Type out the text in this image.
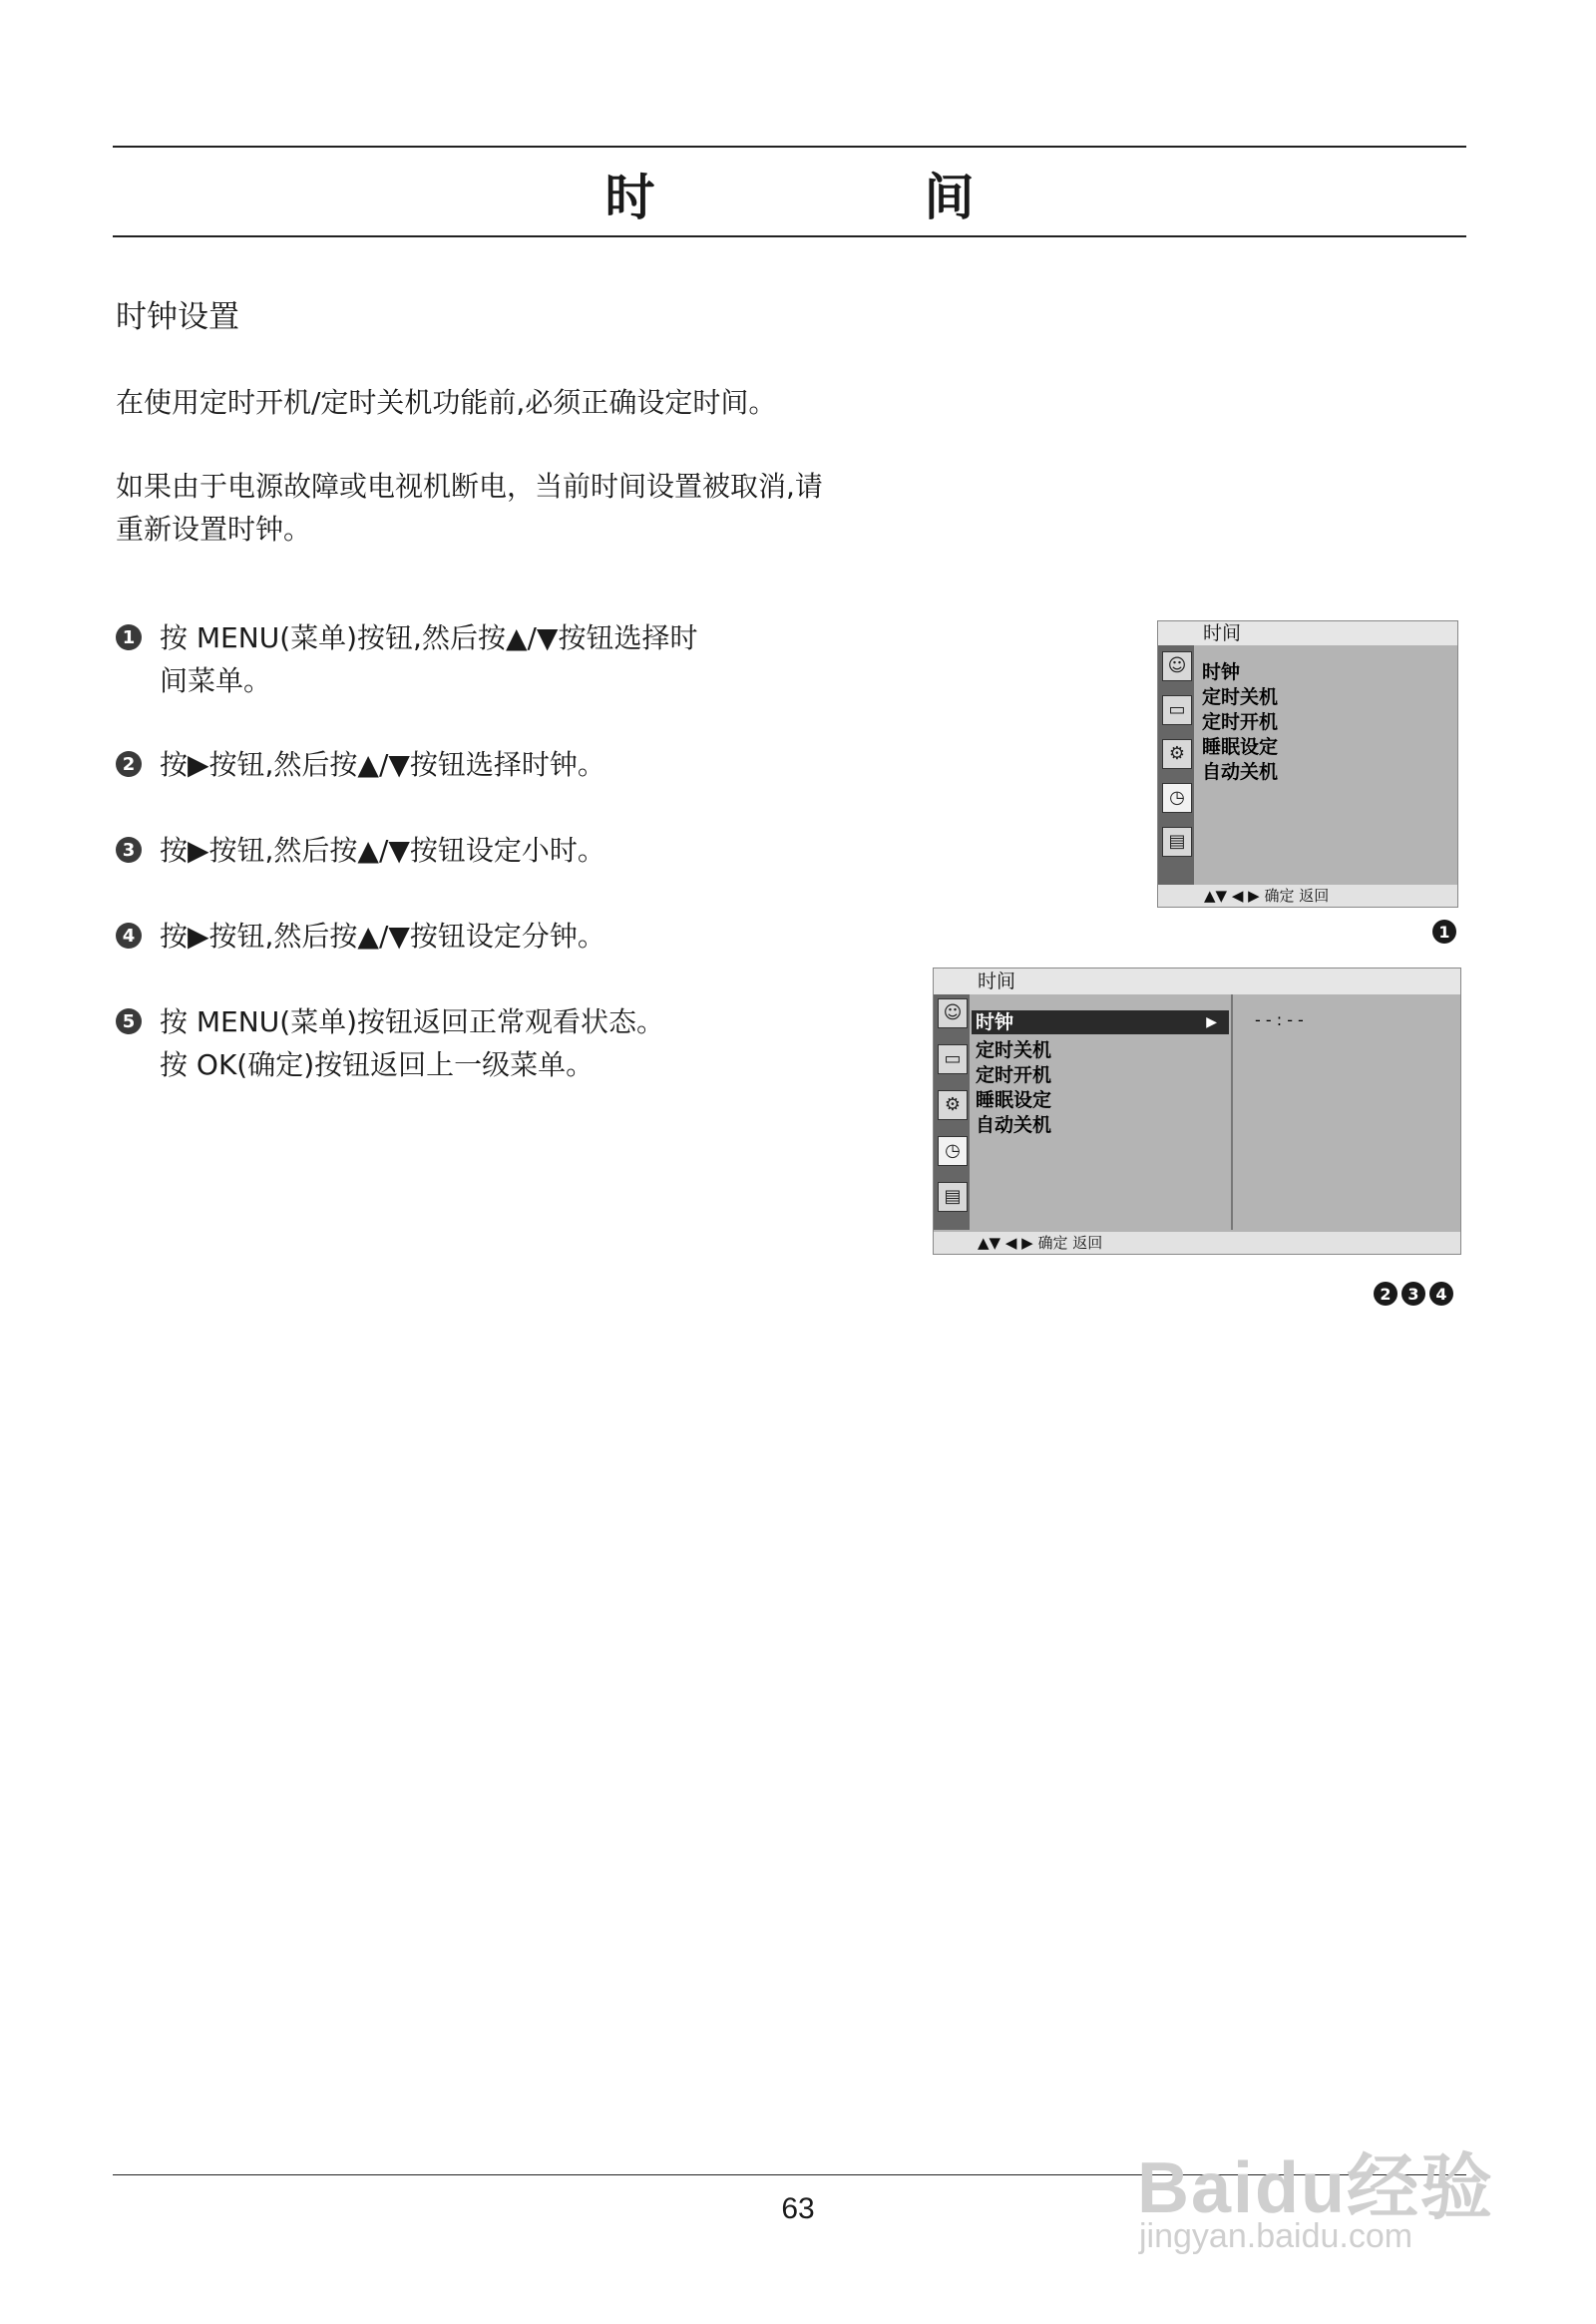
时　间
时钟设置
在使用定时开机/定时关机功能前,必须正确设定时间。
如果由于电源故障或电视机断电，当前时间设置被取消,请
重新设置时钟。
1 按 MENU(菜单)按钮,然后按▲/▼按钮选择时
间菜单。
2 按▶按钮,然后按▲/▼按钮选择时钟。
3 按▶按钮,然后按▲/▼按钮设定小时。
4 按▶按钮,然后按▲/▼按钮设定分钟。
5 按 MENU(菜单)按钮返回正常观看状态。
按 OK(确定)按钮返回上一级菜单。
时间
☺
▭
⚙
◷
▤
时钟
定时关机
定时开机
睡眠设定
自动关机
▲▼ ◀ ▶ 确定 返回
1
时间
☺
▭
⚙
◷
▤
时钟	▶
定时关机
定时开机
睡眠设定
自动关机
- - : - -
▲▼ ◀ ▶ 确定 返回
2	3	4
63	Baidu经验
jingyan.baidu.com
